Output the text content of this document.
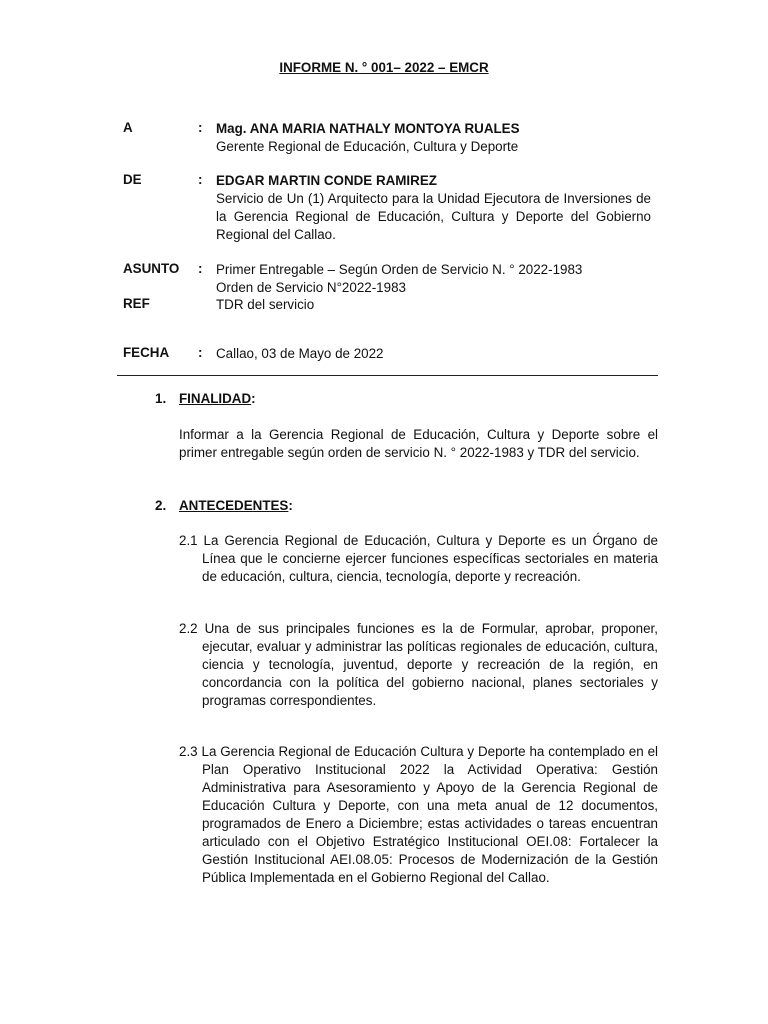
INFORME N. ° 001– 2022 – EMCR
A	: Mag. ANA MARIA NATHALY MONTOYA RUALES
Gerente Regional de Educación, Cultura y Deporte
DE	: EDGAR MARTIN CONDE RAMIREZ
Servicio de Un (1) Arquitecto para la Unidad Ejecutora de Inversiones de la Gerencia Regional de Educación, Cultura y Deporte del Gobierno Regional del Callao.
ASUNTO	: Primer Entregable – Según Orden de Servicio N. ° 2022-1983
Orden de Servicio N°2022-1983
REF	TDR del servicio
FECHA	: Callao, 03 de Mayo de 2022
1. FINALIDAD:
Informar a la Gerencia Regional de Educación, Cultura y Deporte sobre el primer entregable según orden de servicio N. ° 2022-1983 y TDR del servicio.
2. ANTECEDENTES:
2.1 La Gerencia Regional de Educación, Cultura y Deporte es un Órgano de Línea que le concierne ejercer funciones específicas sectoriales en materia de educación, cultura, ciencia, tecnología, deporte y recreación.
2.2 Una de sus principales funciones es la de Formular, aprobar, proponer, ejecutar, evaluar y administrar las políticas regionales de educación, cultura, ciencia y tecnología, juventud, deporte y recreación de la región, en concordancia con la política del gobierno nacional, planes sectoriales y programas correspondientes.
2.3 La Gerencia Regional de Educación Cultura y Deporte ha contemplado en el Plan Operativo Institucional 2022 la Actividad Operativa: Gestión Administrativa para Asesoramiento y Apoyo de la Gerencia Regional de Educación Cultura y Deporte, con una meta anual de 12 documentos, programados de Enero a Diciembre; estas actividades o tareas encuentran articulado con el Objetivo Estratégico Institucional OEI.08: Fortalecer la Gestión Institucional AEI.08.05: Procesos de Modernización de la Gestión Pública Implementada en el Gobierno Regional del Callao.
